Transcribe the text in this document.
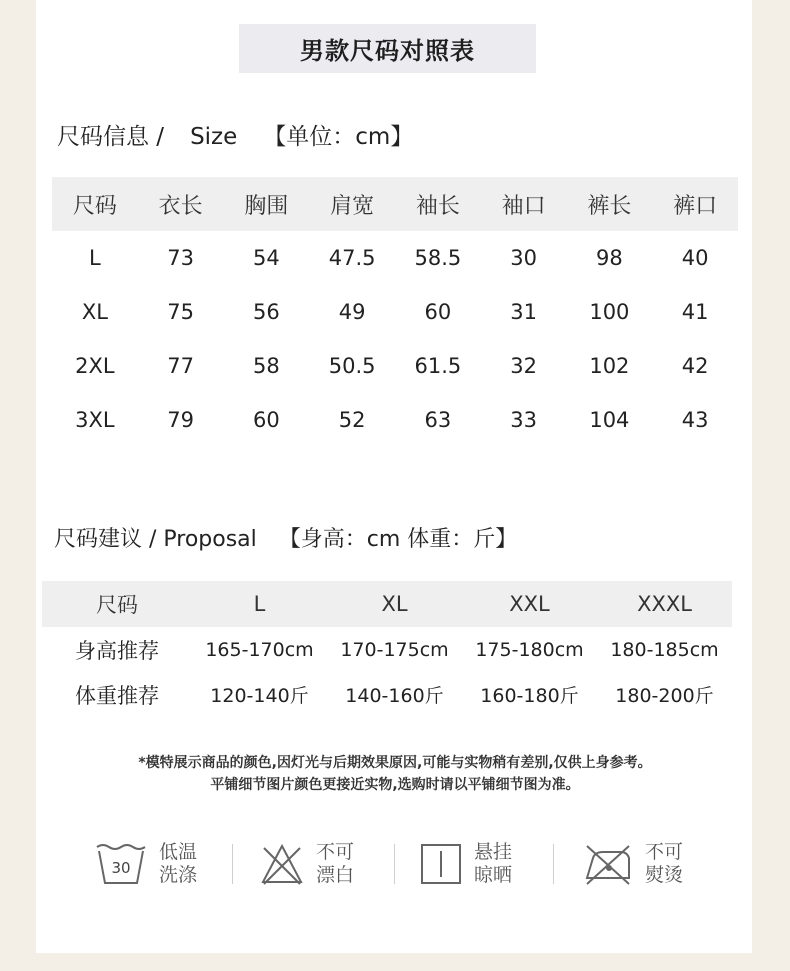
男款尺码对照表
尺码信息 / Size 【单位：cm】
尺码	衣长	胸围	肩宽	袖长	袖口	裤长	裤口
L	73	54	47.5	58.5	30	98	40
XL	75	56	49	60	31	100	41
2XL	77	58	50.5	61.5	32	102	42
3XL	79	60	52	63	33	104	43
尺码建议 / Proposal 【身高：cm 体重：斤】
尺码	L	XL	XXL	XXXL
身高推荐	165-170cm	170-175cm	175-180cm	180-185cm
体重推荐	120-140斤	140-160斤	160-180斤	180-200斤
*模特展示商品的颜色,因灯光与后期效果原因,可能与实物稍有差别,仅供上身参考。
平铺细节图片颜色更接近实物,选购时请以平铺细节图为准。
30
低温
洗涤
不可
漂白
悬挂
晾晒
不可
熨烫
